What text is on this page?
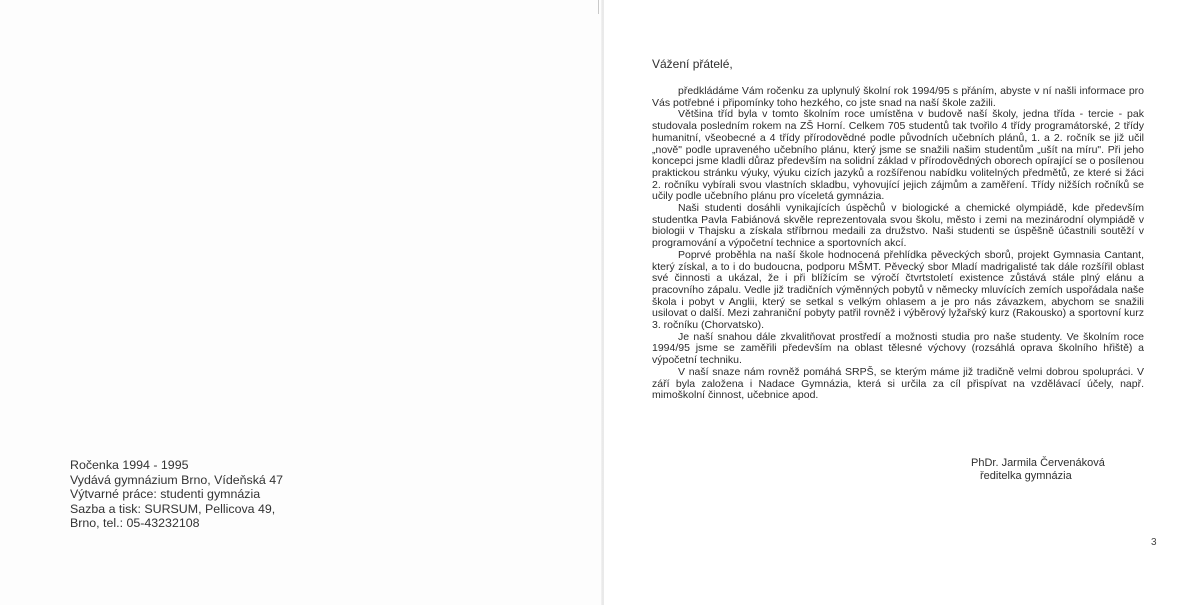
Ročenka 1994 - 1995
Vydává gymnázium Brno, Vídeňská 47
Výtvarné práce: studenti gymnázia
Sazba a tisk: SURSUM, Pellicova 49,
Brno, tel.: 05-43232108
Vážení přátelé,

předkládáme Vám ročenku za uplynulý školní rok 1994/95 s přáním, abyste v ní našli informace pro Vás potřebné i připomínky toho hezkého, co jste snad na naší škole zažili.

Většina tříd byla v tomto školním roce umístěna v budově naší školy, jedna třída - tercie - pak studovala posledním rokem na ZŠ Horní. Celkem 705 studentů tak tvořilo 4 třídy programátorské, 2 třídy humanitní, všeobecné a 4 třídy přírodovědné podle původních učebních plánů, 1. a 2. ročník se již učil „nově" podle upraveného učebního plánu, který jsme se snažili našim studentům „ušít na míru". Při jeho koncepci jsme kladli důraz především na solidní základ v přírodovědných oborech opírající se o posílenou praktickou stránku výuky, výuku cizích jazyků a rozšířenou nabídku volitelných předmětů, ze které si žáci 2. ročníku vybírali svou vlastních skladbu, vyhovující jejich zájmům a zaměření. Třídy nižších ročníků se učily podle učebního plánu pro víceletá gymnázia.

Naši studenti dosáhli vynikajících úspěchů v biologické a chemické olympiádě, kde především studentka Pavla Fabiánová skvěle reprezentovala svou školu, město i zemi na mezinárodní olympiádě v biologii v Thajsku a získala stříbrnou medaili za družstvo. Naši studenti se úspěšně účastnili soutěží v programování a výpočetní technice a sportovních akcí.

Poprvé proběhla na naší škole hodnocená přehlídka pěveckých sborů, projekt Gymnasia Cantant, který získal, a to i do budoucna, podporu MŠMT. Pěvecký sbor Mladí madrigalisté tak dále rozšířil oblast své činnosti a ukázal, že i při blížícím se výročí čtvrtstoletí existence zůstává stále plný elánu a pracovního zápalu. Vedle již tradičních výměnných pobytů v německy mluvících zemích uspořádala naše škola i pobyt v Anglii, který se setkal s velkým ohlasem a je pro nás závazkem, abychom se snažili usilovat o další. Mezi zahraniční pobyty patřil rovněž i výběrový lyžařský kurz (Rakousko) a sportovní kurz 3. ročníku (Chorvatsko).

Je naší snahou dále zkvalitňovat prostředí a možnosti studia pro naše studenty. Ve školním roce 1994/95 jsme se zaměřili především na oblast tělesné výchovy (rozsáhlá oprava školního hřiště) a výpočetní techniku.

V naší snaze nám rovněž pomáhá SRPŠ, se kterým máme již tradičně velmi dobrou spolupráci. V září byla založena i Nadace Gymnázia, která si určila za cíl přispívat na vzdělávací účely, např. mimoškolní činnost, učebnice apod.

PhDr. Jarmila Červenáková
ředitelka gymnázia
3
